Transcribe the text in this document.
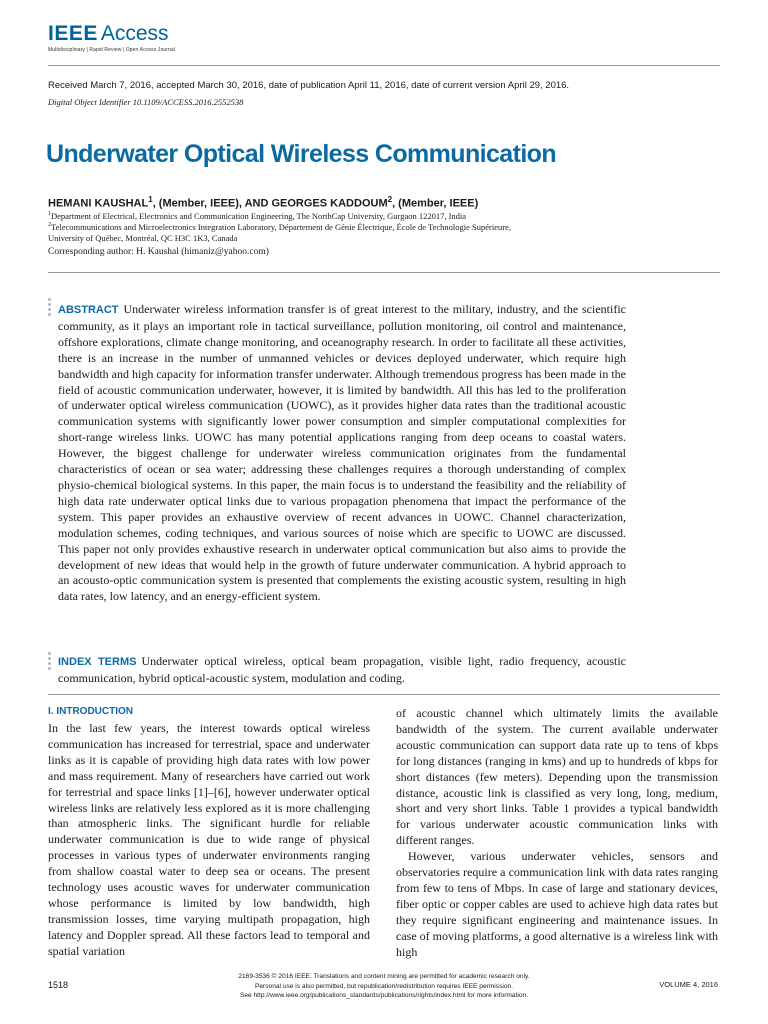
IEEE Access
Multidisciplinary | Rapid Review | Open Access Journal
Received March 7, 2016, accepted March 30, 2016, date of publication April 11, 2016, date of current version April 29, 2016.
Digital Object Identifier 10.1109/ACCESS.2016.2552538
Underwater Optical Wireless Communication
HEMANI KAUSHAL$^1$, (Member, IEEE), AND GEORGES KADDOUM$^2$, (Member, IEEE)
$^1$Department of Electrical, Electronics and Communication Engineering, The NorthCap University, Gurgaon 122017, India
$^2$Telecommunications and Microelectronics Integration Laboratory, Département de Génie Électrique, École de Technologie Supérieure,
University of Québec, Montréal, QC H3C 1K3, Canada
Corresponding author: H. Kaushal (himaniz@yahoo.com)
ABSTRACT Underwater wireless information transfer is of great interest to the military, industry, and the scientific community, as it plays an important role in tactical surveillance, pollution monitoring, oil control and maintenance, offshore explorations, climate change monitoring, and oceanography research. In order to facilitate all these activities, there is an increase in the number of unmanned vehicles or devices deployed underwater, which require high bandwidth and high capacity for information transfer underwater. Although tremendous progress has been made in the field of acoustic communication underwater, however, it is limited by bandwidth. All this has led to the proliferation of underwater optical wireless communication (UOWC), as it provides higher data rates than the traditional acoustic communication systems with significantly lower power consumption and simpler computational complexities for short-range wireless links. UOWC has many potential applications ranging from deep oceans to coastal waters. However, the biggest challenge for underwater wireless communication originates from the fundamental characteristics of ocean or sea water; addressing these challenges requires a thorough understanding of complex physio-chemical biological systems. In this paper, the main focus is to understand the feasibility and the reliability of high data rate underwater optical links due to various propagation phenomena that impact the performance of the system. This paper provides an exhaustive overview of recent advances in UOWC. Channel characterization, modulation schemes, coding techniques, and various sources of noise which are specific to UOWC are discussed. This paper not only provides exhaustive research in underwater optical communication but also aims to provide the development of new ideas that would help in the growth of future underwater communication. A hybrid approach to an acousto-optic communication system is presented that complements the existing acoustic system, resulting in high data rates, low latency, and an energy-efficient system.
INDEX TERMS Underwater optical wireless, optical beam propagation, visible light, radio frequency, acoustic communication, hybrid optical-acoustic system, modulation and coding.
I. INTRODUCTION

In the last few years, the interest towards optical wireless communication has increased for terrestrial, space and underwater links as it is capable of providing high data rates with low power and mass requirement. Many of researchers have carried out work for terrestrial and space links [1]–[6], however underwater optical wireless links are relatively less explored as it is more challenging than atmospheric links. The significant hurdle for reliable underwater communication is due to wide range of physical processes in various types of underwater environments ranging from shallow coastal water to deep sea or oceans. The present technology uses acoustic waves for underwater communication whose performance is limited by low bandwidth, high transmission losses, time varying multipath propagation, high latency and Doppler spread. All these factors lead to temporal and spatial variation

of acoustic channel which ultimately limits the available bandwidth of the system. The current available underwater acoustic communication can support data rate up to tens of kbps for long distances (ranging in kms) and up to hundreds of kbps for short distances (few meters). Depending upon the transmission distance, acoustic link is classified as very long, long, medium, short and very short links. Table 1 provides a typical bandwidth for various underwater acoustic communication links with different ranges.

However, various underwater vehicles, sensors and observatories require a communication link with data rates ranging from few to tens of Mbps. In case of large and stationary devices, fiber optic or copper cables are used to achieve high data rates but they require significant engineering and maintenance issues. In case of moving platforms, a good alternative is a wireless link with high

1518
2169-3536 © 2016 IEEE. Translations and content mining are permitted for academic research only.
Personal use is also permitted, but republication/redistribution requires IEEE permission.
See http://www.ieee.org/publications_standards/publications/rights/index.html for more information.
VOLUME 4, 2016
